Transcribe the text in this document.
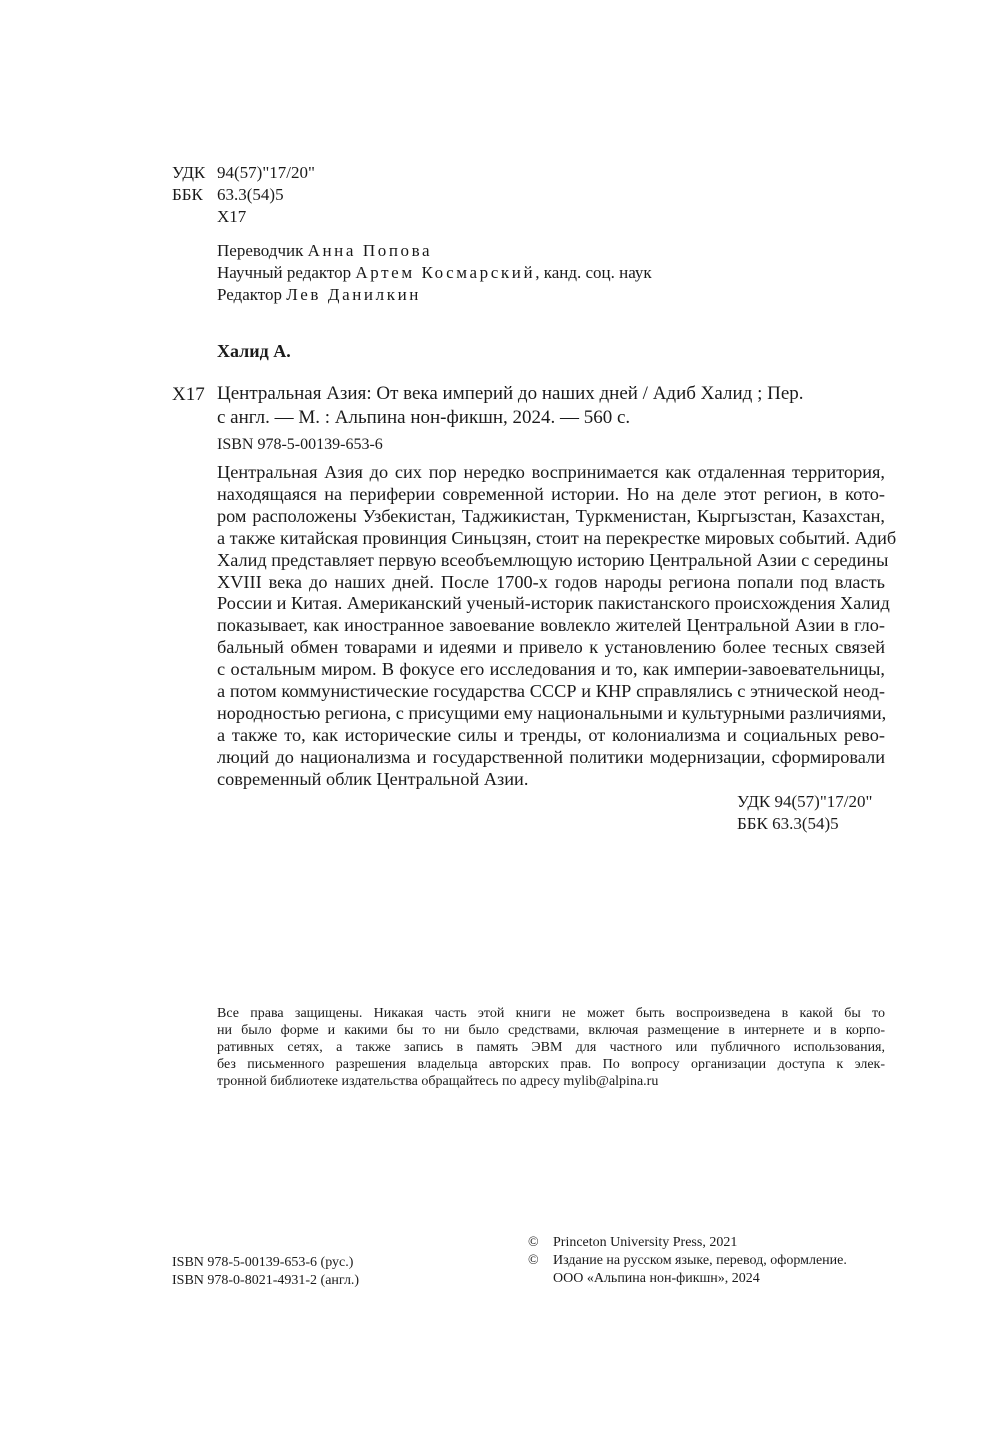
УДК 94(57)"17/20"
ББК 63.3(54)5
Х17
Переводчик Анна Попова
Научный редактор Артем Космарский, канд. соц. наук
Редактор Лев Данилкин
Халид А.
Х17 Центральная Азия: От века империй до наших дней / Адиб Халид ; Пер.
с англ. — М. : Альпина нон-фикшн, 2024. — 560 с.
ISBN 978-5-00139-653-6
Центральная Азия до сих пор нередко воспринимается как отдаленная территория,
находящаяся на периферии современной истории. Но на деле этот регион, в кото-
ром расположены Узбекистан, Таджикистан, Туркменистан, Кыргызстан, Казахстан,
а также китайская провинция Синьцзян, стоит на перекрестке мировых событий. Адиб
Халид представляет первую всеобъемлющую историю Центральной Азии с середины
XVIII века до наших дней. После 1700-х годов народы региона попали под власть
России и Китая. Американский ученый-историк пакистанского происхождения Халид
показывает, как иностранное завоевание вовлекло жителей Центральной Азии в гло-
бальный обмен товарами и идеями и привело к установлению более тесных связей
с остальным миром. В фокусе его исследования и то, как империи-завоевательницы,
а потом коммунистические государства СССР и КНР справлялись с этнической неод-
нородностью региона, с присущими ему национальными и культурными различиями,
а также то, как исторические силы и тренды, от колониализма и социальных рево-
люций до национализма и государственной политики модернизации, сформировали
современный облик Центральной Азии.
УДК 94(57)"17/20"
ББК 63.3(54)5
Все права защищены. Никакая часть этой книги не может быть воспроизведена в какой бы то
ни было форме и какими бы то ни было средствами, включая размещение в интернете и в корпо-
ративных сетях, а также запись в память ЭВМ для частного или публичного использования,
без письменного разрешения владельца авторских прав. По вопросу организации доступа к элек-
тронной библиотеке издательства обращайтесь по адресу mylib@alpina.ru
ISBN 978-5-00139-653-6 (рус.)
ISBN 978-0-8021-4931-2 (англ.)
©	Princeton University Press, 2021
©	Издание на русском языке, перевод, оформление.
ООО «Альпина нон-фикшн», 2024
